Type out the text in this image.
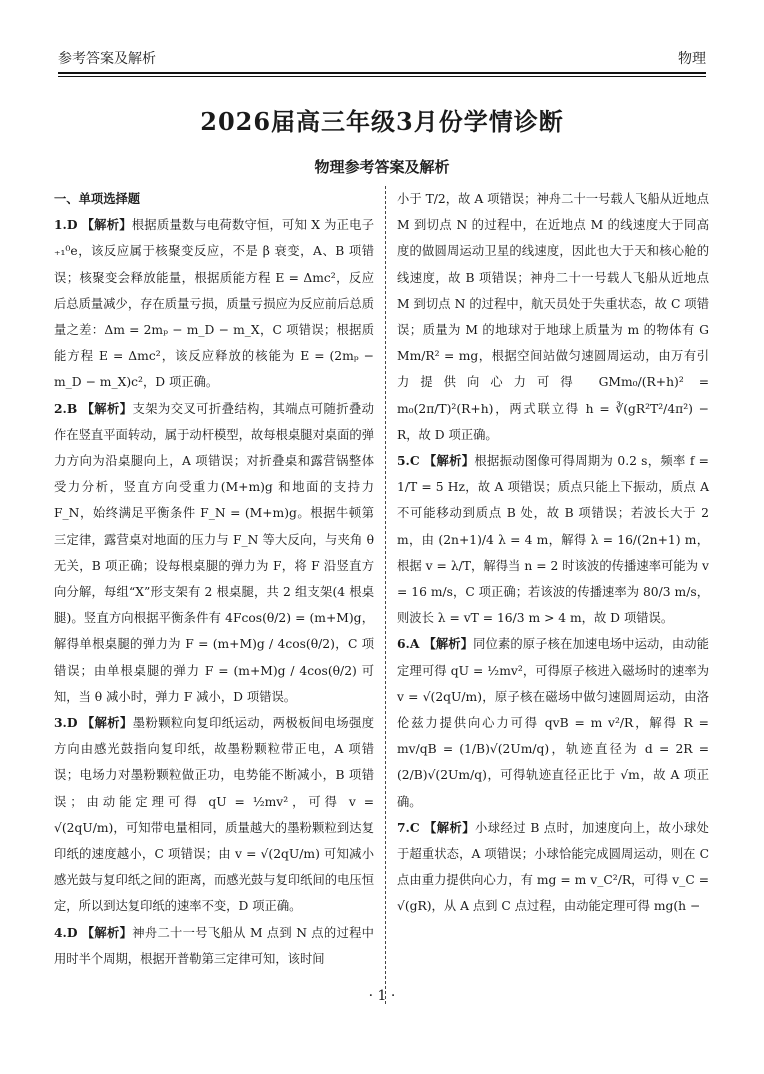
参考答案及解析	物理
2026届高三年级3月份学情诊断
物理参考答案及解析
一、单项选择题

1.D 【解析】根据质量数与电荷数守恒，可知 X 为正电子₊₁⁰e，该反应属于核聚变反应，不是 β 衰变，A、B 项错误；核聚变会释放能量，根据质能方程 E = Δmc²，反应后总质量减少，存在质量亏损，质量亏损应为反应前后总质量之差：Δm = 2mₚ − m_D − m_X，C 项错误；根据质能方程 E = Δmc²，该反应释放的核能为 E = (2mₚ − m_D − m_X)c²，D 项正确。

2.B 【解析】支架为交叉可折叠结构，其端点可随折叠动作在竖直平面转动，属于动杆模型，故每根桌腿对桌面的弹力方向为沿桌腿向上，A 项错误；对折叠桌和露营锅整体受力分析，竖直方向受重力(M+m)g 和地面的支持力 F_N，始终满足平衡条件 F_N = (M+m)g。根据牛顿第三定律，露营桌对地面的压力与 F_N 等大反向，与夹角 θ 无关，B 项正确；设每根桌腿的弹力为 F，将 F 沿竖直方向分解，每组“X”形支架有 2 根桌腿，共 2 组支架(4 根桌腿)。竖直方向根据平衡条件有 4Fcos(θ/2) = (m+M)g，解得单根桌腿的弹力为 F = (m+M)g / 4cos(θ/2)，C 项错误；由单根桌腿的弹力 F = (m+M)g / 4cos(θ/2) 可知，当 θ 减小时，弹力 F 减小，D 项错误。

3.D 【解析】墨粉颗粒向复印纸运动，两极板间电场强度方向由感光鼓指向复印纸，故墨粉颗粒带正电，A 项错误；电场力对墨粉颗粒做正功，电势能不断减小，B 项错误；由动能定理可得 qU = ½mv²，可得 v = √(2qU/m)，可知带电量相同，质量越大的墨粉颗粒到达复印纸的速度越小，C 项错误；由 v = √(2qU/m) 可知减小感光鼓与复印纸之间的距离，而感光鼓与复印纸间的电压恒定，所以到达复印纸的速率不变，D 项正确。

4.D 【解析】神舟二十一号飞船从 M 点到 N 点的过程中用时半个周期，根据开普勒第三定律可知，该时间

小于 T/2，故 A 项错误；神舟二十一号载人飞船从近地点 M 到切点 N 的过程中，在近地点 M 的线速度大于同高度的做圆周运动卫星的线速度，因此也大于天和核心舱的线速度，故 B 项错误；神舟二十一号载人飞船从近地点 M 到切点 N 的过程中，航天员处于失重状态，故 C 项错误；质量为 M 的地球对于地球上质量为 m 的物体有 G Mm/R² = mg，根据空间站做匀速圆周运动，由万有引力提供向心力可得 GMm₀/(R+h)² = m₀(2π/T)²(R+h)，两式联立得 h = ∛(gR²T²/4π²) − R，故 D 项正确。

5.C 【解析】根据振动图像可得周期为 0.2 s，频率 f = 1/T = 5 Hz，故 A 项错误；质点只能上下振动，质点 A 不可能移动到质点 B 处，故 B 项错误；若波长大于 2 m，由 (2n+1)/4 λ = 4 m，解得 λ = 16/(2n+1) m，根据 v = λ/T，解得当 n = 2 时该波的传播速率可能为 v = 16 m/s，C 项正确；若该波的传播速率为 80/3 m/s，则波长 λ = vT = 16/3 m > 4 m，故 D 项错误。

6.A 【解析】同位素的原子核在加速电场中运动，由动能定理可得 qU = ½mv²，可得原子核进入磁场时的速率为 v = √(2qU/m)，原子核在磁场中做匀速圆周运动，由洛伦兹力提供向心力可得 qvB = m v²/R，解得 R = mv/qB = (1/B)√(2Um/q)，轨迹直径为 d = 2R = (2/B)√(2Um/q)，可得轨迹直径正比于 √m，故 A 项正确。

7.C 【解析】小球经过 B 点时，加速度向上，故小球处于超重状态，A 项错误；小球恰能完成圆周运动，则在 C 点由重力提供向心力，有 mg = m v_C²/R，可得 v_C = √(gR)，从 A 点到 C 点过程，由动能定理可得 mg(h −

· 1 ·
